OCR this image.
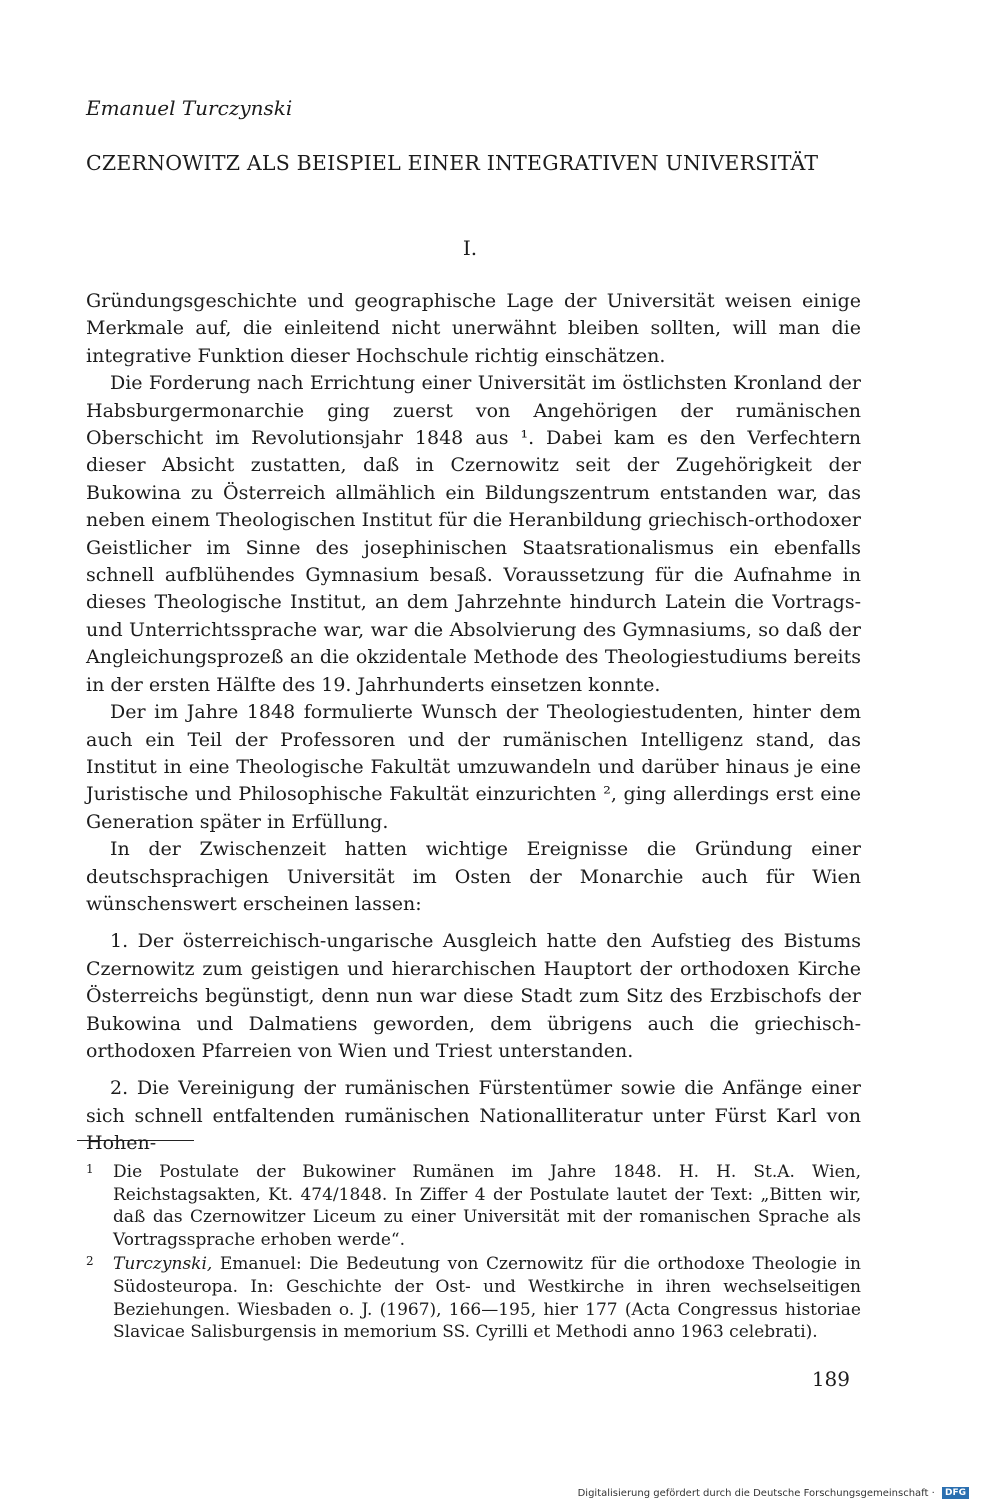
Emanuel Turczynski
CZERNOWITZ ALS BEISPIEL EINER INTEGRATIVEN UNIVERSITÄT
I.

Gründungsgeschichte und geographische Lage der Universität weisen einige Merkmale auf, die einleitend nicht unerwähnt bleiben sollten, will man die integrative Funktion dieser Hochschule richtig einschätzen.

Die Forderung nach Errichtung einer Universität im östlichsten Kronland der Habsburgermonarchie ging zuerst von Angehörigen der rumänischen Oberschicht im Revolutionsjahr 1848 aus ¹. Dabei kam es den Verfechtern dieser Absicht zustatten, daß in Czernowitz seit der Zugehörigkeit der Bukowina zu Österreich allmählich ein Bildungszentrum entstanden war, das neben einem Theologischen Institut für die Heranbildung griechisch-orthodoxer Geistlicher im Sinne des josephinischen Staatsrationalismus ein ebenfalls schnell aufblühendes Gymnasium besaß. Voraussetzung für die Aufnahme in dieses Theologische Institut, an dem Jahrzehnte hindurch Latein die Vortrags- und Unterrichtssprache war, war die Absolvierung des Gymnasiums, so daß der Angleichungsprozeß an die okzidentale Methode des Theologiestudiums bereits in der ersten Hälfte des 19. Jahrhunderts einsetzen konnte.

Der im Jahre 1848 formulierte Wunsch der Theologiestudenten, hinter dem auch ein Teil der Professoren und der rumänischen Intelligenz stand, das Institut in eine Theologische Fakultät umzuwandeln und darüber hinaus je eine Juristische und Philosophische Fakultät einzurichten ², ging allerdings erst eine Generation später in Erfüllung.

In der Zwischenzeit hatten wichtige Ereignisse die Gründung einer deutschsprachigen Universität im Osten der Monarchie auch für Wien wünschenswert erscheinen lassen:

1. Der österreichisch-ungarische Ausgleich hatte den Aufstieg des Bistums Czernowitz zum geistigen und hierarchischen Hauptort der orthodoxen Kirche Österreichs begünstigt, denn nun war diese Stadt zum Sitz des Erzbischofs der Bukowina und Dalmatiens geworden, dem übrigens auch die griechisch-orthodoxen Pfarreien von Wien und Triest unterstanden.

2. Die Vereinigung der rumänischen Fürstentümer sowie die Anfänge einer sich schnell entfaltenden rumänischen Nationalliteratur unter Fürst Karl von Hohen-

1 Die Postulate der Bukowiner Rumänen im Jahre 1848. H. H. St.A. Wien, Reichstagsakten, Kt. 474/1848. In Ziffer 4 der Postulate lautet der Text: „Bitten wir, daß das Czernowitzer Liceum zu einer Universität mit der romanischen Sprache als Vortragssprache erhoben werde“.

2 Turczynski, Emanuel: Die Bedeutung von Czernowitz für die orthodoxe Theologie in Südosteuropa. In: Geschichte der Ost- und Westkirche in ihren wechselseitigen Beziehungen. Wiesbaden o. J. (1967), 166—195, hier 177 (Acta Congressus historiae Slavicae Salisburgensis in memorium SS. Cyrilli et Methodi anno 1963 celebrati).

189
Digitalisierung gefördert durch die Deutsche Forschungsgemeinschaft · DFG
